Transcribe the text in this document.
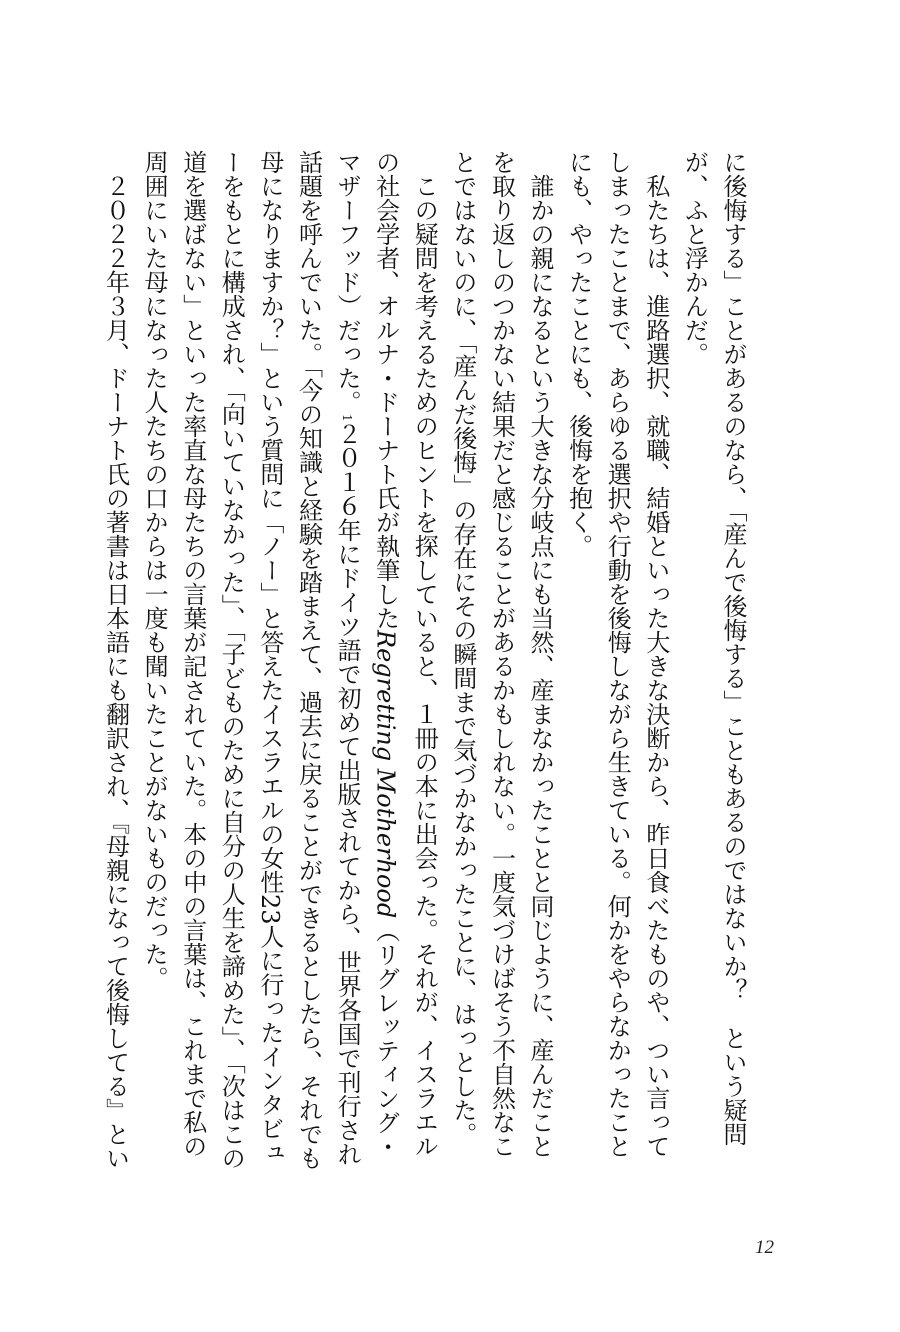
に後悔する」ことがあるのなら、「産んで後悔する」こともあるのではないか？　という疑問が、ふと浮かんだ。

私たちは、進路選択、就職、結婚といった大きな決断から、昨日食べたものや、つい言ってしまったことまで、あらゆる選択や行動を後悔しながら生きている。何かをやらなかったことにも、やったことにも、後悔を抱く。

誰かの親になるという大きな分岐点にも当然、産まなかったことと同じように、産んだことを取り返しのつかない結果だと感じることがあるかもしれない。一度気づけばそう不自然なことではないのに、「産んだ後悔」の存在にその瞬間まで気づかなかったことに、はっとした。

この疑問を考えるためのヒントを探していると、１冊の本に出会った。それが、イスラエルの社会学者、オルナ・ドーナト氏が執筆したRegretting Motherhood（リグレッティング・マザーフッド）だった。1２０１６年にドイツ語で初めて出版されてから、世界各国で刊行され話題を呼んでいた。「今の知識と経験を踏まえて、過去に戻ることができるとしたら、それでも母になりますか？」という質問に「ノー」と答えたイスラエルの女性23人に行ったインタビューをもとに構成され、「向いていなかった」、「子どものために自分の人生を諦めた」、「次はこの道を選ばない」といった率直な母たちの言葉が記されていた。本の中の言葉は、これまで私の周囲にいた母になった人たちの口からは一度も聞いたことがないものだった。

２０２２年３月、ドーナト氏の著書は日本語にも翻訳され、『母親になって後悔してる』とい

12
